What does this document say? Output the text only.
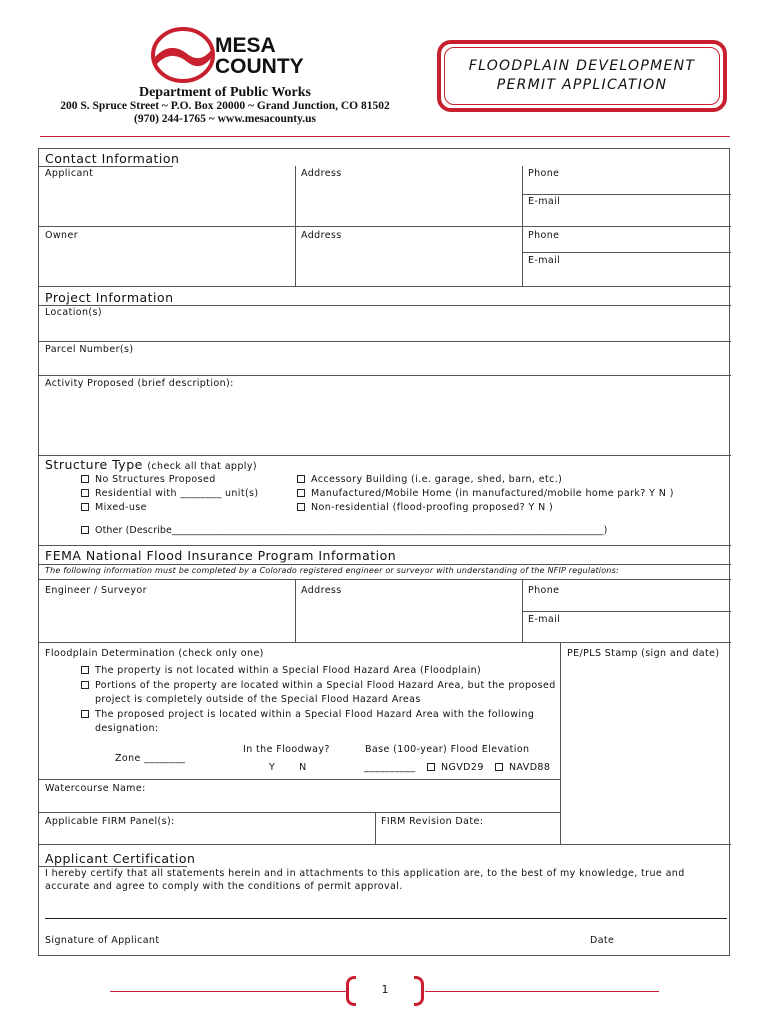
MESA
COUNTY
Department of Public Works
200 S. Spruce Street ~ P.O. Box 20000 ~ Grand Junction, CO 81502
(970) 244-1765 ~ www.mesacounty.us
FLOODPLAIN DEVELOPMENT
PERMIT APPLICATION
Contact Information
Applicant	Address	Phone
E-mail
Owner	Address	Phone
E-mail
Project Information
Location(s)
Parcel Number(s)
Activity Proposed (brief description):
Structure Type (check all that apply)
No Structures Proposed
Residential with ________ unit(s)
Mixed-use
Accessory Building (i.e. garage, shed, barn, etc.)
Manufactured/Mobile Home (in manufactured/mobile home park? Y N )
Non-residential (flood-proofing proposed? Y N )
Other (Describe_________________________________________________________________________________________)
FEMA National Flood Insurance Program Information
The following information must be completed by a Colorado registered engineer or surveyor with understanding of the NFIP regulations:
Engineer / Surveyor	Address	Phone
E-mail
Floodplain Determination (check only one)	PE/PLS Stamp (sign and date)
The property is not located within a Special Flood Hazard Area (Floodplain)
Portions of the property are located within a Special Flood Hazard Area, but the proposed
project is completely outside of the Special Flood Hazard Areas
The proposed project is located within a Special Flood Hazard Area with the following
designation:
In the Floodway?	Base (100-year) Flood Elevation
Zone ________
Y       N	__________	NGVD29	NAVD88
Watercourse Name:
Applicable FIRM Panel(s):	FIRM Revision Date:
Applicant Certification
I hereby certify that all statements herein and in attachments to this application are, to the best of my knowledge, true and accurate and agree to comply with the conditions of permit approval.
Signature of Applicant	Date
1
